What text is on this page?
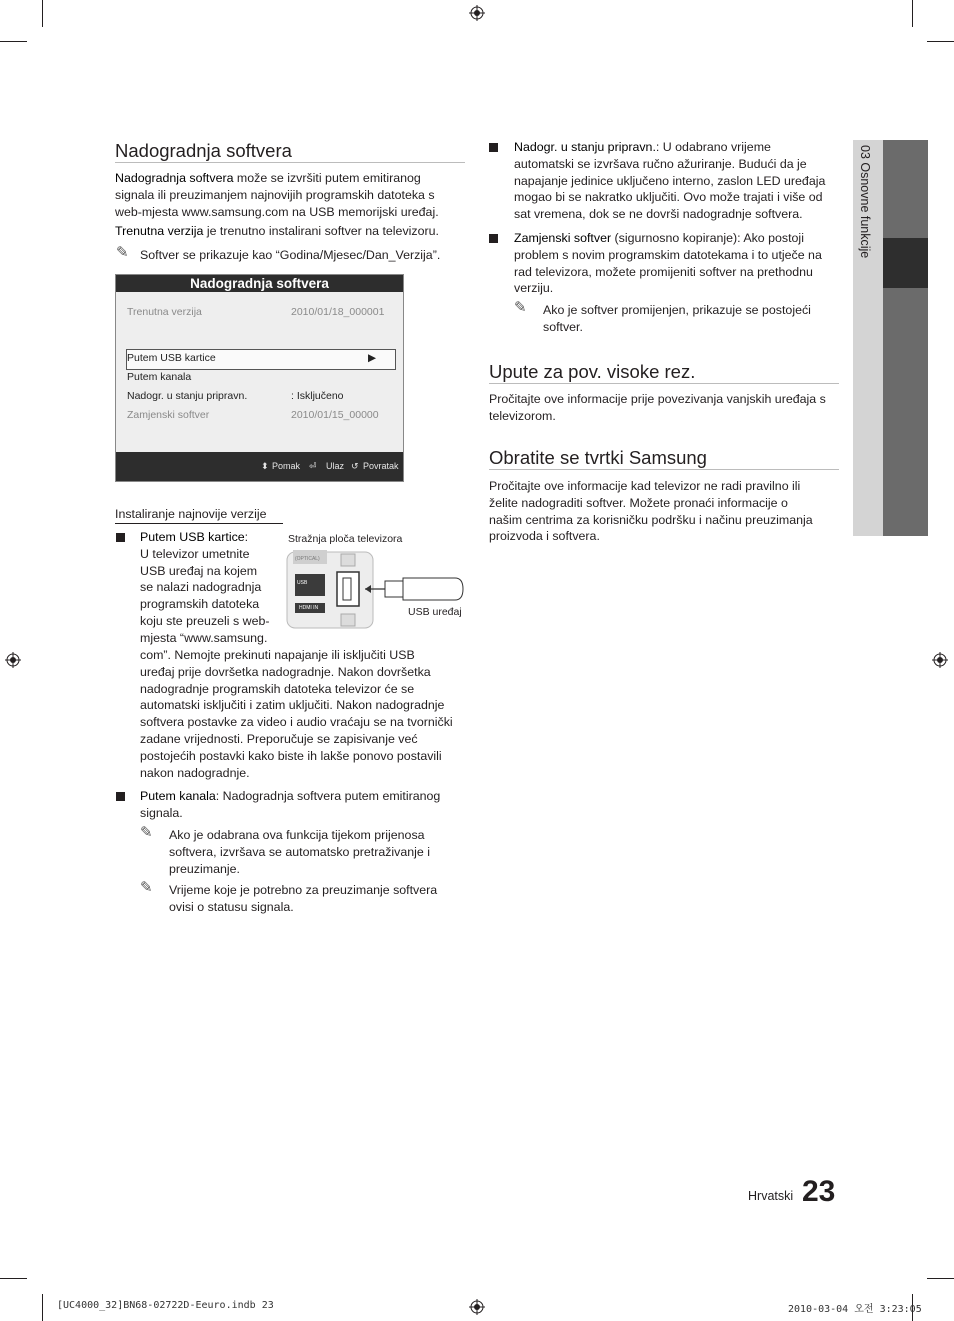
Nadogradnja softvera
Nadogradnja softvera može se izvršiti putem emitiranog
signala ili preuzimanjem najnovijih programskih datoteka s
web-mjesta www.samsung.com na USB memorijski uređaj.
Trenutna verzija je trenutno instalirani softver na televizoru.
✎ Softver se prikazuje kao “Godina/Mjesec/Dan_Verzija”.
Nadogradnja softvera
Trenutna verzija	2010/01/18_000001
Putem USB kartice	▶
Putem kanala
Nadogr. u stanju pripravn.	: Isključeno
Zamjenski softver	2010/01/15_00000
⬍ Pomak ⏎ Ulaz ↺ Povratak
Instaliranje najnovije verzije
Putem USB kartice:
U televizor umetnite
USB uređaj na kojem
se nalazi nadogradnja
programskih datoteka
koju ste preuzeli s web-
mjesta “www.samsung.
com”. Nemojte prekinuti napajanje ili isključiti USB
uređaj prije dovršetka nadogradnje. Nakon dovršetka
nadogradnje programskih datoteka televizor će se
automatski isključiti i zatim uključiti. Nakon nadogradnje
softvera postavke za video i audio vraćaju se na tvornički
zadane vrijednosti. Preporučuje se zapisivanje već
postojećih postavki kako biste ih lakše ponovo postavili
nakon nadogradnje.
Stražnja ploča televizora
(OPTICAL)
USB
HDMI IN	USB uređaj
Putem kanala: Nadogradnja softvera putem emitiranog
signala.
✎ Ako je odabrana ova funkcija tijekom prijenosa
softvera, izvršava se automatsko pretraživanje i
preuzimanje.
✎ Vrijeme koje je potrebno za preuzimanje softvera
ovisi o statusu signala.
Nadogr. u stanju pripravn.: U odabrano vrijeme
automatski se izvršava ručno ažuriranje. Budući da je
napajanje jedinice uključeno interno, zaslon LED uređaja
mogao bi se nakratko uključiti. Ovo može trajati i više od
sat vremena, dok se ne dovrši nadogradnje softvera.
Zamjenski softver (sigurnosno kopiranje): Ako postoji
problem s novim programskim datotekama i to utječe na
rad televizora, možete promijeniti softver na prethodnu
verziju.
✎ Ako je softver promijenjen, prikazuje se postojeći
softver.
Upute za pov. visoke rez.
Pročitajte ove informacije prije povezivanja vanjskih uređaja s
televizorom.
Obratite se tvrtki Samsung
Pročitajte ove informacije kad televizor ne radi pravilno ili
želite nadograditi softver. Možete pronaći informacije o
našim centrima za korisničku podršku i načinu preuzimanja
proizvoda i softvera.
03 Osnovne funkcije
Hrvatski 23
[UC4000_32]BN68-02722D-Eeuro.indb 23	2010-03-04 오전 3:23:05
